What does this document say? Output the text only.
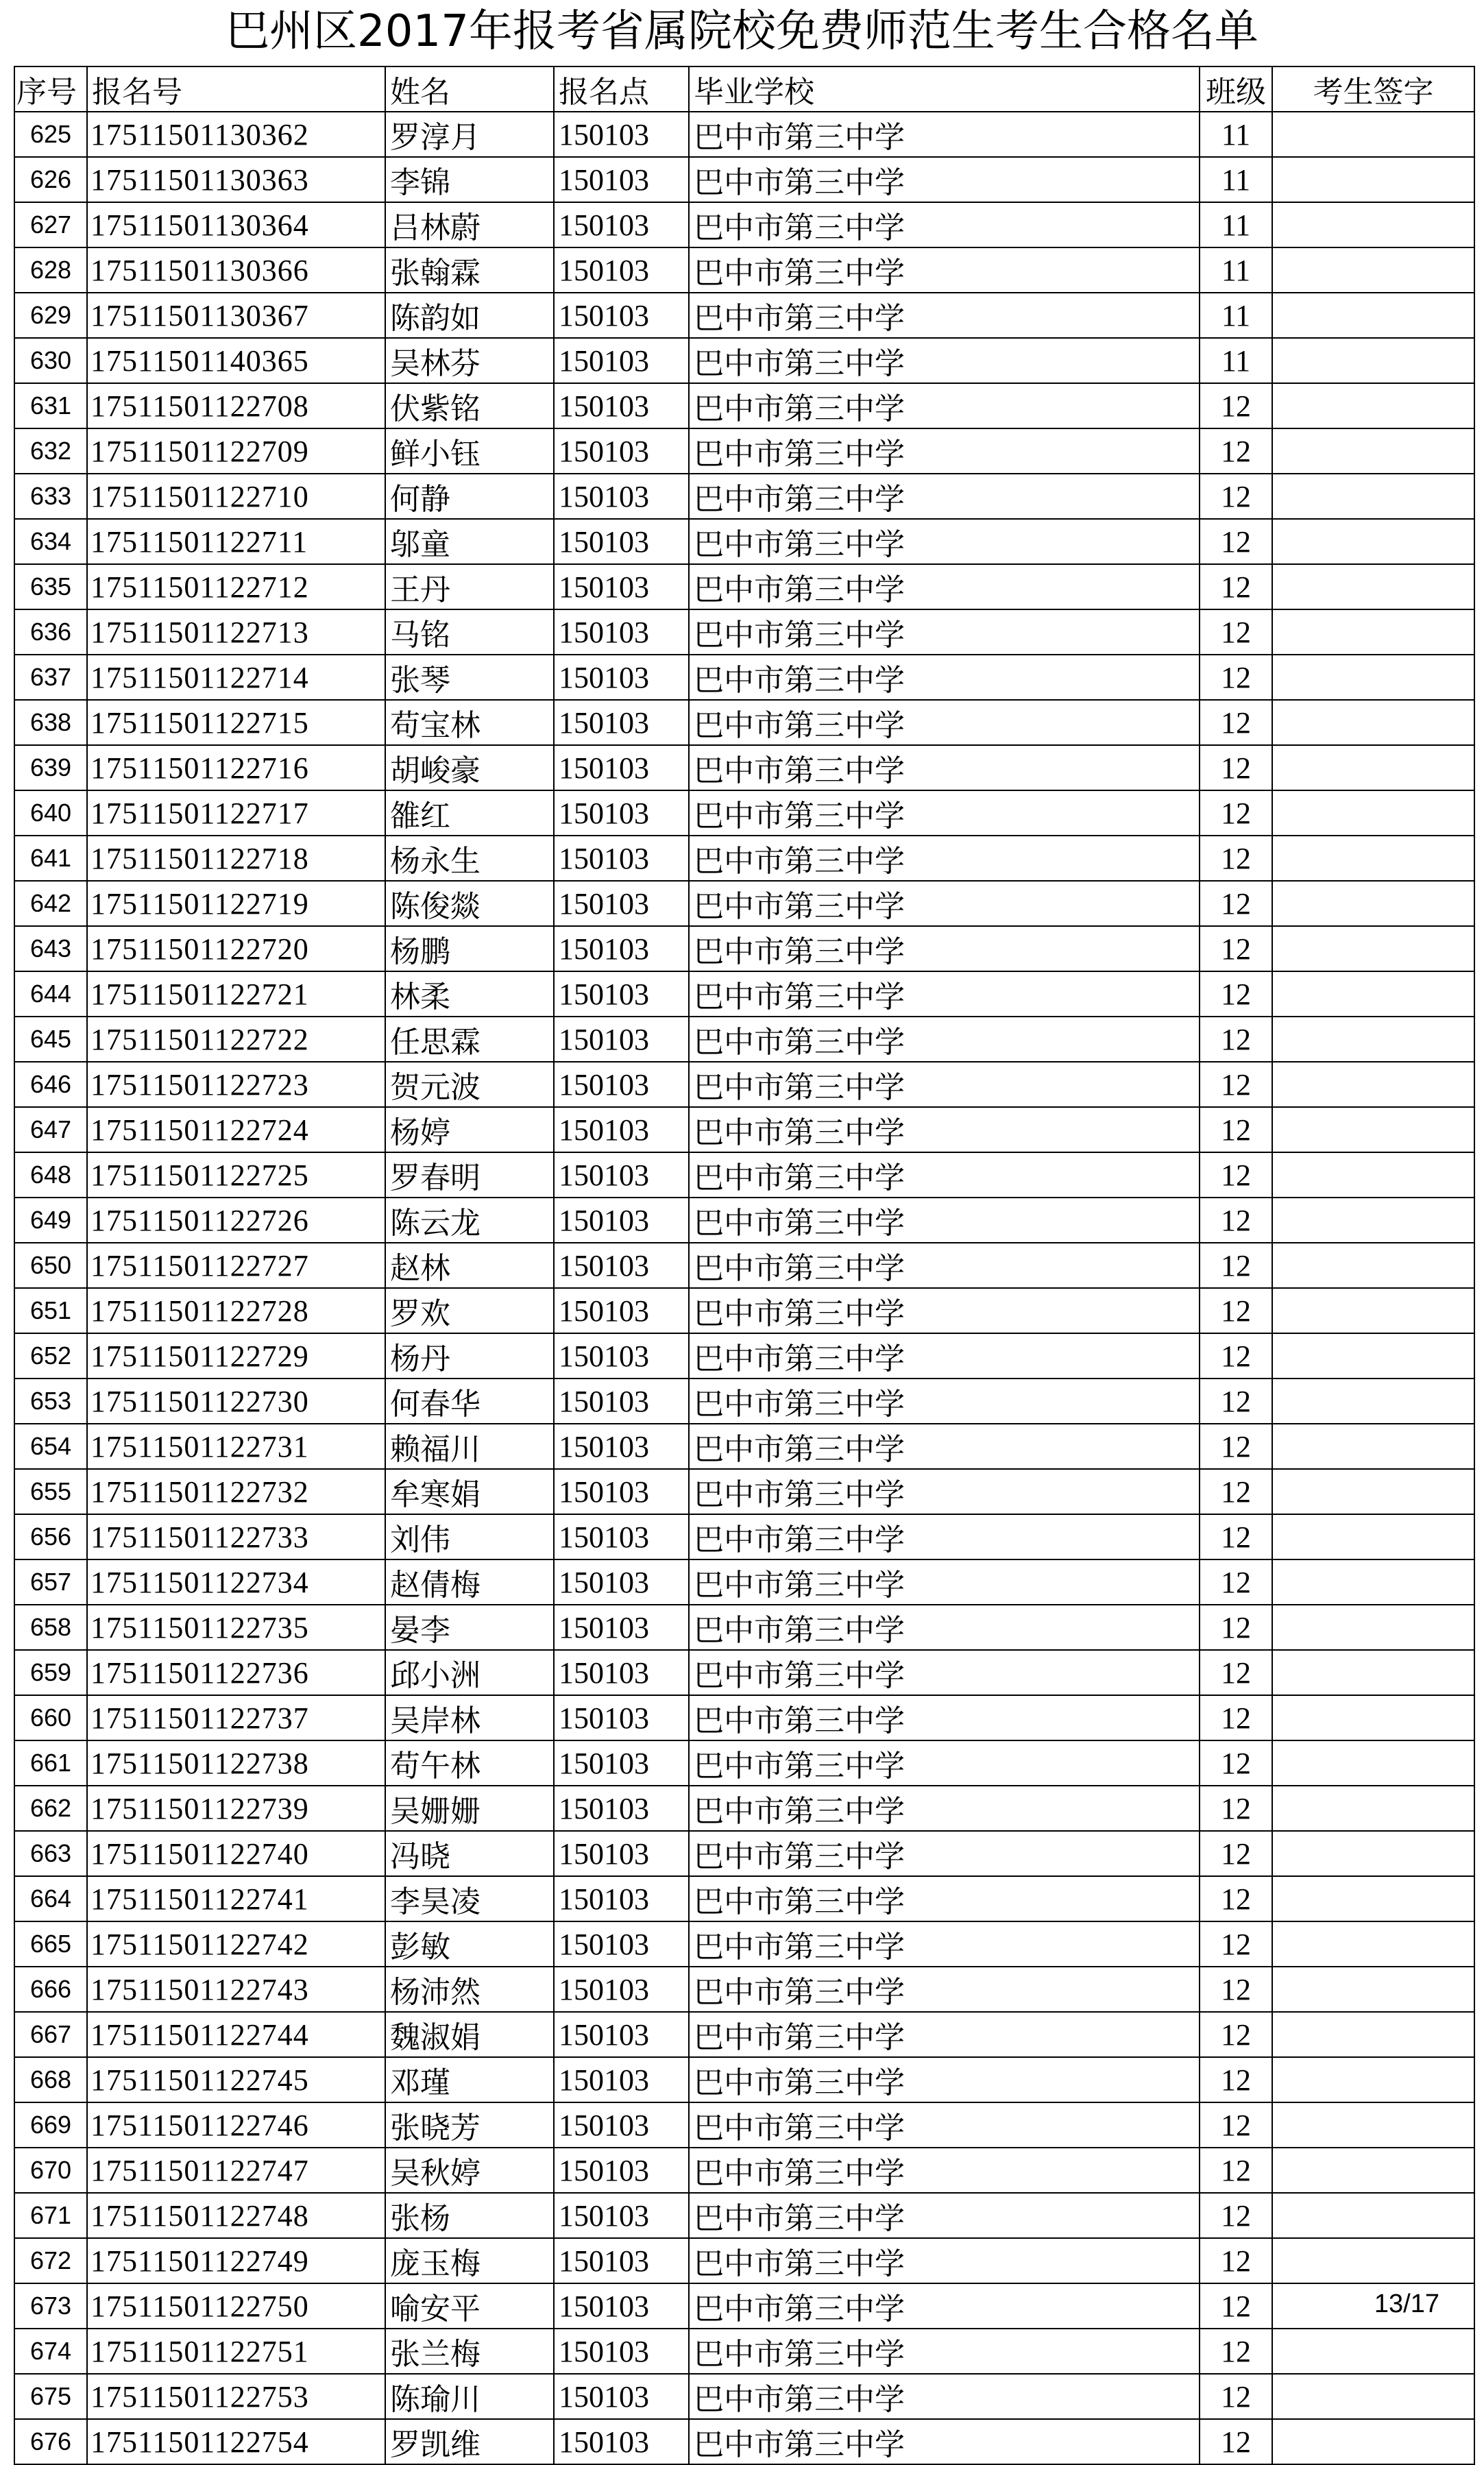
巴州区2017年报考省属院校免费师范生考生合格名单
序号	报名号	姓名	报名点	毕业学校	班级	考生签字
625	17511501130362	罗淳月	150103	巴中市第三中学	11	
626	17511501130363	李锦	150103	巴中市第三中学	11	
627	17511501130364	吕林蔚	150103	巴中市第三中学	11	
628	17511501130366	张翰霖	150103	巴中市第三中学	11	
629	17511501130367	陈韵如	150103	巴中市第三中学	11	
630	17511501140365	吴林芬	150103	巴中市第三中学	11	
631	17511501122708	伏紫铭	150103	巴中市第三中学	12	
632	17511501122709	鲜小钰	150103	巴中市第三中学	12	
633	17511501122710	何静	150103	巴中市第三中学	12	
634	17511501122711	邬童	150103	巴中市第三中学	12	
635	17511501122712	王丹	150103	巴中市第三中学	12	
636	17511501122713	马铭	150103	巴中市第三中学	12	
637	17511501122714	张琴	150103	巴中市第三中学	12	
638	17511501122715	苟宝林	150103	巴中市第三中学	12	
639	17511501122716	胡峻豪	150103	巴中市第三中学	12	
640	17511501122717	雒红	150103	巴中市第三中学	12	
641	17511501122718	杨永生	150103	巴中市第三中学	12	
642	17511501122719	陈俊燚	150103	巴中市第三中学	12	
643	17511501122720	杨鹏	150103	巴中市第三中学	12	
644	17511501122721	林柔	150103	巴中市第三中学	12	
645	17511501122722	任思霖	150103	巴中市第三中学	12	
646	17511501122723	贺元波	150103	巴中市第三中学	12	
647	17511501122724	杨婷	150103	巴中市第三中学	12	
648	17511501122725	罗春明	150103	巴中市第三中学	12	
649	17511501122726	陈云龙	150103	巴中市第三中学	12	
650	17511501122727	赵林	150103	巴中市第三中学	12	
651	17511501122728	罗欢	150103	巴中市第三中学	12	
652	17511501122729	杨丹	150103	巴中市第三中学	12	
653	17511501122730	何春华	150103	巴中市第三中学	12	
654	17511501122731	赖福川	150103	巴中市第三中学	12	
655	17511501122732	牟寒娟	150103	巴中市第三中学	12	
656	17511501122733	刘伟	150103	巴中市第三中学	12	
657	17511501122734	赵倩梅	150103	巴中市第三中学	12	
658	17511501122735	晏李	150103	巴中市第三中学	12	
659	17511501122736	邱小洲	150103	巴中市第三中学	12	
660	17511501122737	吴岸林	150103	巴中市第三中学	12	
661	17511501122738	苟午林	150103	巴中市第三中学	12	
662	17511501122739	吴姗姗	150103	巴中市第三中学	12	
663	17511501122740	冯晓	150103	巴中市第三中学	12	
664	17511501122741	李昊凌	150103	巴中市第三中学	12	
665	17511501122742	彭敏	150103	巴中市第三中学	12	
666	17511501122743	杨沛然	150103	巴中市第三中学	12	
667	17511501122744	魏淑娟	150103	巴中市第三中学	12	
668	17511501122745	邓瑾	150103	巴中市第三中学	12	
669	17511501122746	张晓芳	150103	巴中市第三中学	12	
670	17511501122747	吴秋婷	150103	巴中市第三中学	12	
671	17511501122748	张杨	150103	巴中市第三中学	12	
672	17511501122749	庞玉梅	150103	巴中市第三中学	12	
673	17511501122750	喻安平	150103	巴中市第三中学	12	
674	17511501122751	张兰梅	150103	巴中市第三中学	12	
675	17511501122753	陈瑜川	150103	巴中市第三中学	12	
676	17511501122754	罗凯维	150103	巴中市第三中学	12	
13/17
